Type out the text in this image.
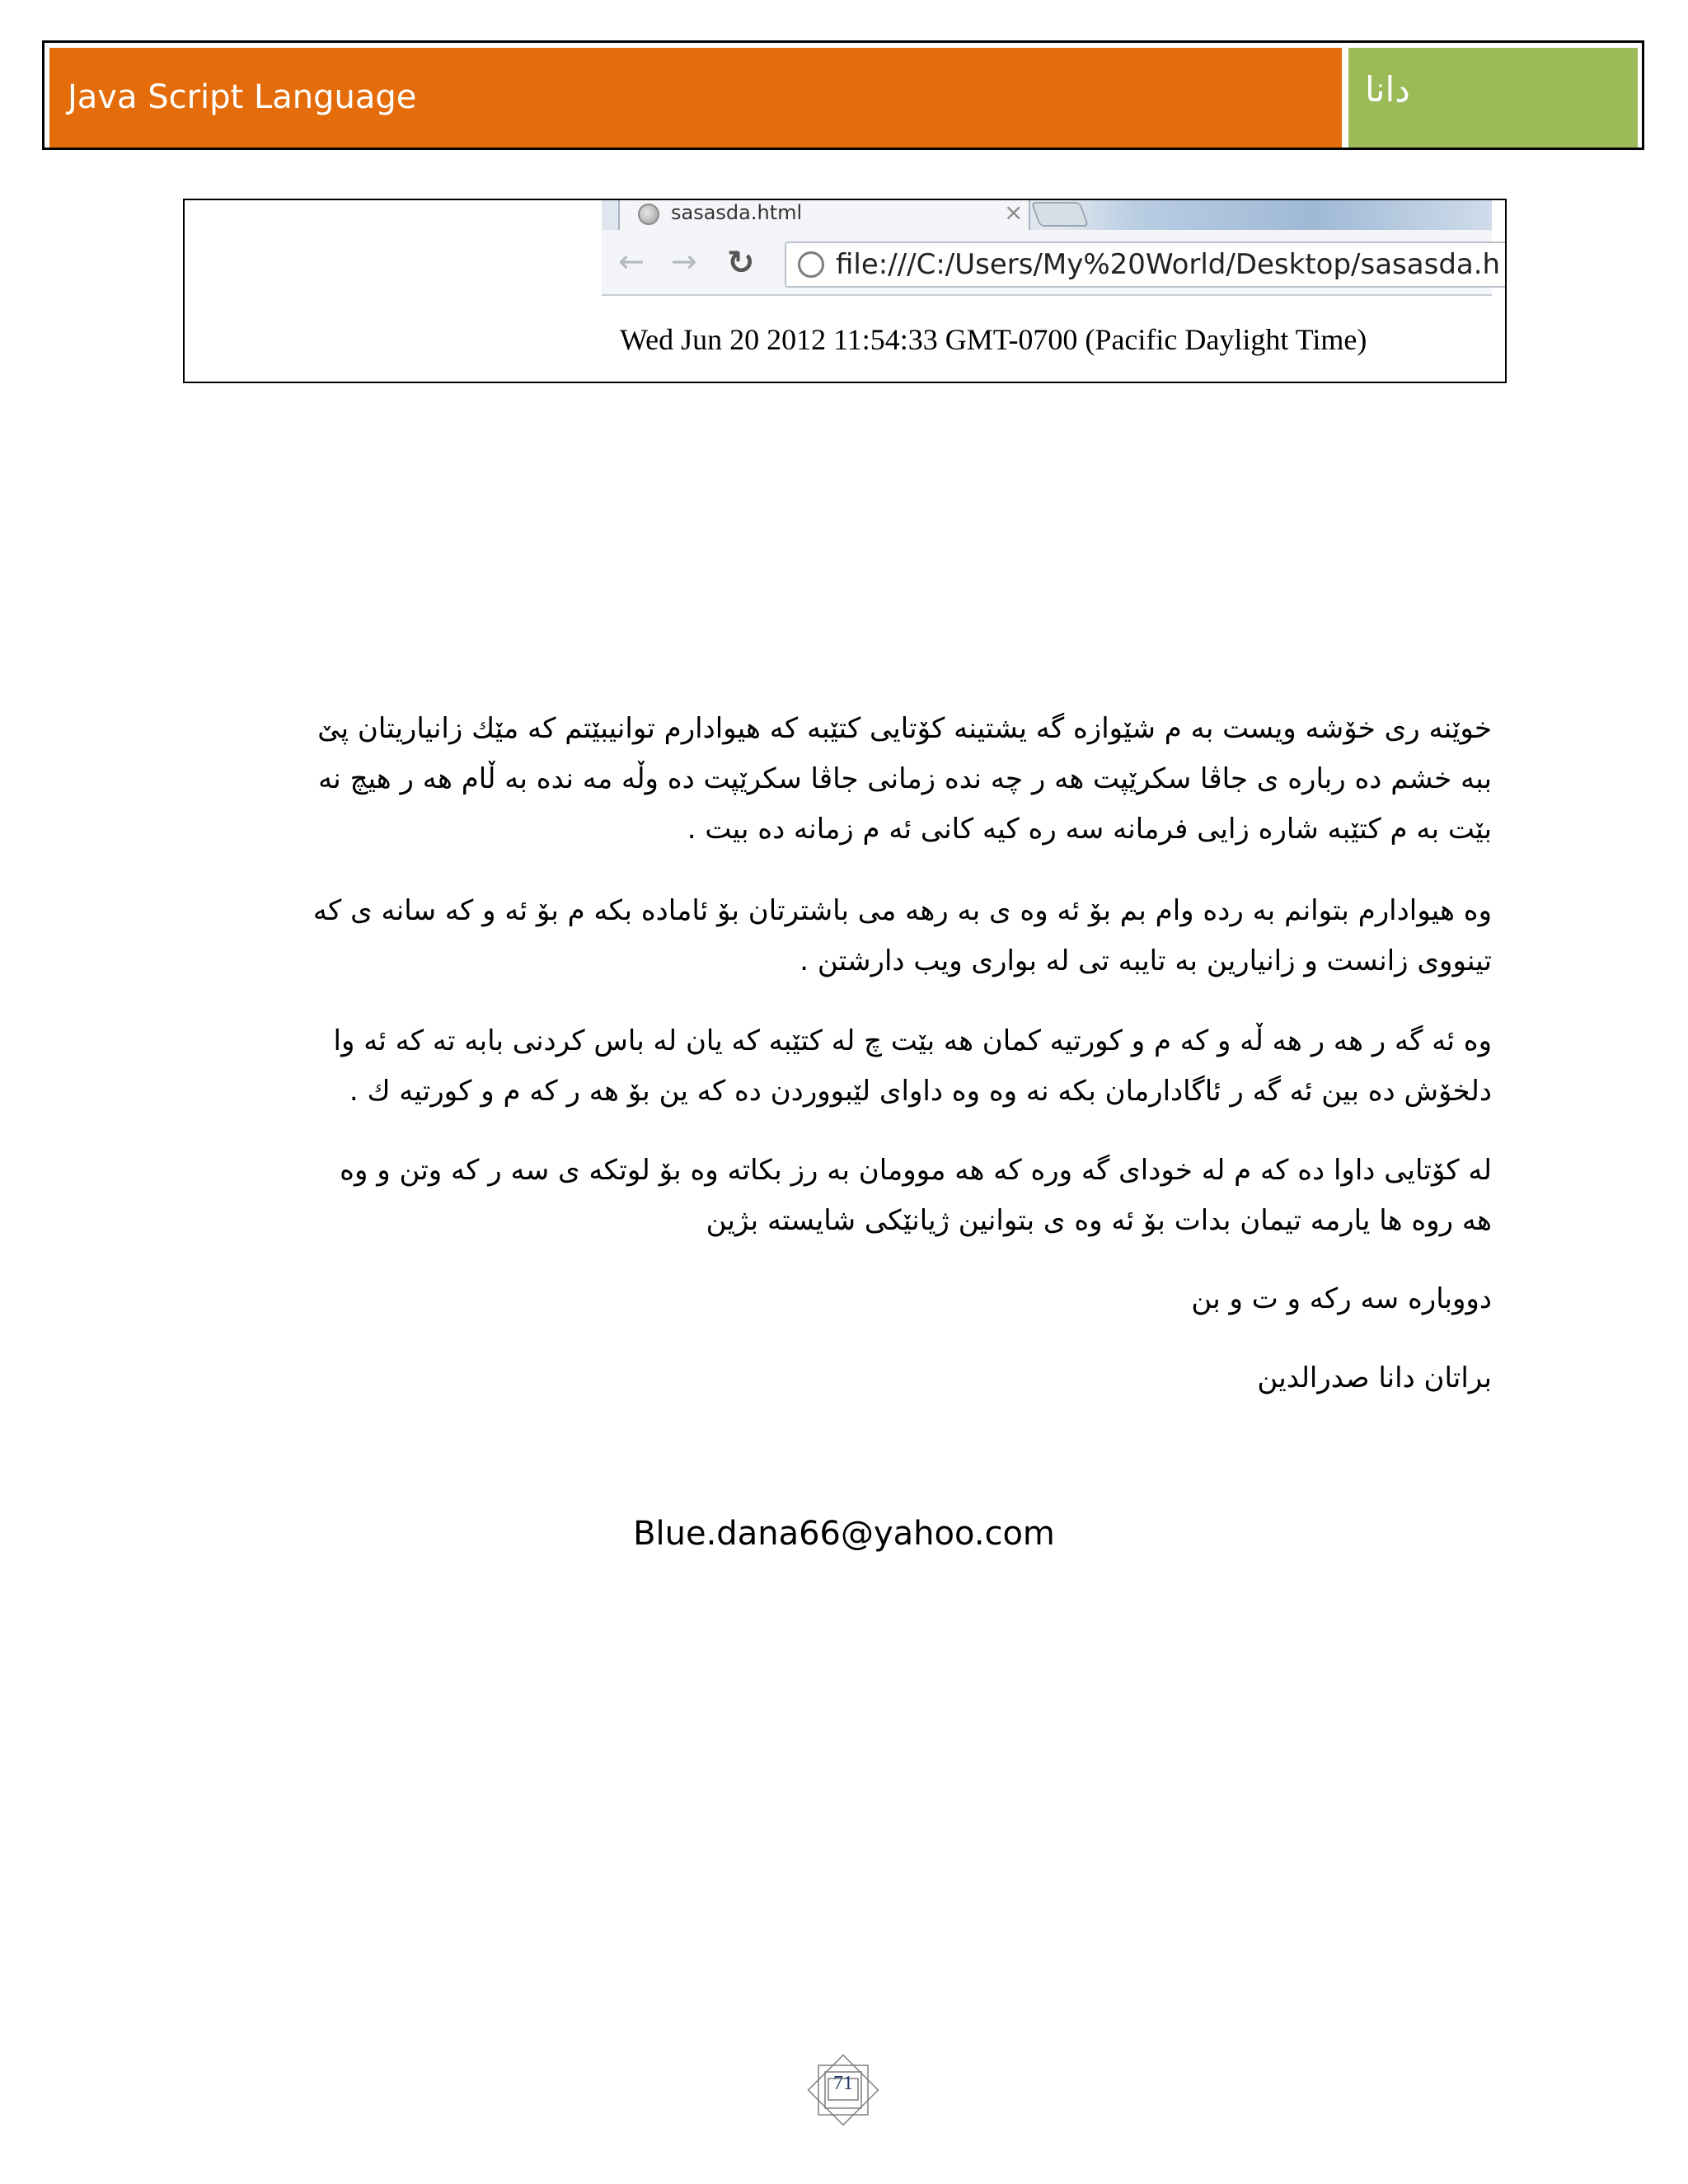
Java Script Language	دانا
sasasda.html	×
← → ↻	file:///C:/Users/My%20World/Desktop/sasasda.h
Wed Jun 20 2012 11:54:33 GMT-0700 (Pacific Daylight Time)
خوێنه ری خۆشه ویست به م شێوازه گه یشتینه كۆتایی كتێبه كه هیوادارم توانیبێتم كه مێك زانیاریتان پێ
ببه خشم ده رباره ی جاڤا سكرێپت هه ر چه نده زمانی جاڤا سكرێپت ده وڵه مه نده به ڵام هه ر هیچ نه
بێت به م كتێبه شاره زایی فرمانه سه ره كیه كانی ئه م زمانه ده بیت .
وه هیوادارم بتوانم به رده وام بم بۆ ئه وه ی به رهه می باشترتان بۆ ئاماده بكه م بۆ ئه و كه سانه ی كه
تینووی زانست و زانیارین به تایبه تی له بواری ویب دارشتن .
وه ئه گه ر هه ر هه ڵه و كه م و كورتیه كمان هه بێت چ له كتێبه كه یان له باس كردنی بابه ته كه ئه وا
دلخۆش ده بین ئه گه ر ئاگادارمان بكه نه وه وه داوای لێبووردن ده كه ین بۆ هه ر كه م و كورتیه ك .
له كۆتایی داوا ده كه م له خودای گه وره كه هه موومان به رز بكاته وه بۆ لوتكه ی سه ر كه وتن و وه
هه روه ها یارمه تیمان بدات بۆ ئه وه ی بتوانین ژیانێكی شایسته بژین
دووباره سه ركه و ت و بن
براتان دانا صدرالدین
Blue.dana66@yahoo.com
71
